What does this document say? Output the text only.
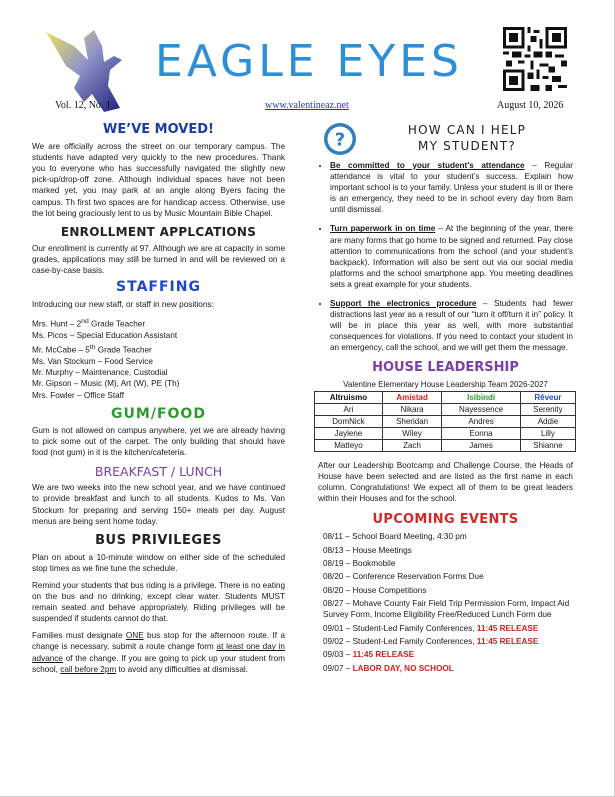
EAGLE EYES
Vol. 12, No. 1	www.valentineaz.net	August 10, 2026
WE’VE MOVED!

We are officially across the street on our temporary campus. The students have adapted very quickly to the new procedures. Thank you to everyone who has successfully navigated the slightly new pick-up/drop-off zone. Although individual spaces have not been marked yet, you may park at an angle along Byers facing the campus. Th first two spaces are for handicap access. Otherwise, use the lot being graciously lent to us by Music Mountain Bible Chapel.

ENROLLMENT APPLCATIONS

Our enrollment is currently at 97. Although we are at capacity in some grades, applications may still be turned in and will be reviewed on a case-by-case basis.

STAFFING

Introducing our new staff, or staff in new positions:

Mrs. Hunt – 2nd Grade Teacher
Ms. Picos – Special Education Assistant
Mr. McCabe – 5th Grade Teacher
Ms. Van Stockum – Food Service
Mr. Murphy – Maintenance, Custodial
Mr. Gipson – Music (M), Art (W), PE (Th)
Mrs. Fowler – Office Staff
GUM/FOOD

Gum is not allowed on campus anywhere, yet we are already having to pick some out of the carpet. The only building that should have food (not gum) in it is the kitchen/cafeteria.

BREAKFAST / LUNCH

We are two weeks into the new school year, and we have continued to provide breakfast and lunch to all students. Kudos to Ms. Van Stockum for preparing and serving 150+ meals per day. August menus are being sent home today.

BUS PRIVILEGES

Plan on about a 10-minute window on either side of the scheduled stop times as we fine tune the schedule.

Remind your students that bus riding is a privilege. There is no eating on the bus and no drinking, except clear water. Students MUST remain seated and behave appropriately. Riding privileges will be suspended if students cannot do that.

Families must designate ONE bus stop for the afternoon route. If a change is necessary, submit a route change form at least one day in advance of the change. If you are going to pick up your student from school, call before 2pm to avoid any difficulties at dismissal.

?	HOW CAN I HELP
MY STUDENT?
• Be committed to your student’s attendance – Regular attendance is vital to your student’s success. Explain how important school is to your family. Unless your student is ill or there is an emergency, they need to be in school every day from 8am until dismissal.
• Turn paperwork in on time – At the beginning of the year, there are many forms that go home to be signed and returned. Pay close attention to communications from the school (and your student’s backpack). Information will also be sent out via our social media platforms and the school smartphone app. You meeting deadlines sets a great example for your students.
• Support the electronics procedure – Students had fewer distractions last year as a result of our “turn it off/turn it in” policy. It will be in place this year as well, with more substantial consequences for violations. If you need to contact your student in an emergency, call the school, and we will get them the message.
HOUSE LEADERSHIP
Valentine Elementary House Leadership Team 2026-2027
Altruismo	Amistad	Isibindi	Rêveur
Ari	Nikara	Nayessence	Serenity
DomNick	Sheridan	Andres	Addie
Jaylene	Wiley	Eonna	Lilly
Matteyo	Zach	James	Shianne

After our Leadership Bootcamp and Challenge Course, the Heads of House have been selected and are listed as the first name in each column. Congratulations! We expect all of them to be great leaders within their Houses and for the school.

UPCOMING EVENTS
08/11 – School Board Meeting, 4:30 pm
08/13 – House Meetings
08/19 – Bookmobile
08/20 – Conference Reservation Forms Due
08/20 – House Competitions
08/27 – Mohave County Fair Field Trip Permission Form, Impact Aid Survey Form, Income Eligibility Free/Reduced Lunch Form due
09/01 – Student-Led Family Conferences, 11:45 RELEASE
09/02 – Student-Led Family Conferences, 11:45 RELEASE
09/03 – 11:45 RELEASE
09/07 – LABOR DAY, NO SCHOOL
